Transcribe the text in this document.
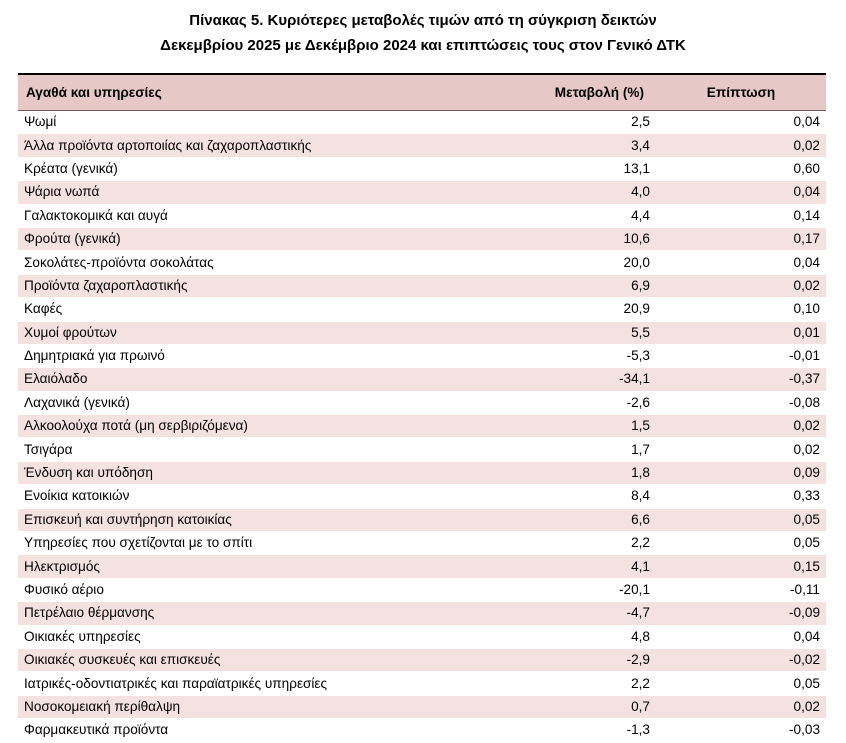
Πίνακας 5. Κυριότερες μεταβολές τιμών από τη σύγκριση δεικτών
Δεκεμβρίου 2025 με Δεκέμβριο 2024 και επιπτώσεις τους στον Γενικό ΔΤΚ
Αγαθά και υπηρεσίες	Μεταβολή (%)	Επίπτωση
Ψωμί	2,5	0,04
Άλλα προϊόντα αρτοποιίας και ζαχαροπλαστικής	3,4	0,02
Κρέατα (γενικά)	13,1	0,60
Ψάρια νωπά	4,0	0,04
Γαλακτοκομικά και αυγά	4,4	0,14
Φρούτα (γενικά)	10,6	0,17
Σοκολάτες-προϊόντα σοκολάτας	20,0	0,04
Προϊόντα ζαχαροπλαστικής	6,9	0,02
Καφές	20,9	0,10
Χυμοί φρούτων	5,5	0,01
Δημητριακά για πρωινό	-5,3	-0,01
Ελαιόλαδο	-34,1	-0,37
Λαχανικά (γενικά)	-2,6	-0,08
Αλκοολούχα ποτά (μη σερβιριζόμενα)	1,5	0,02
Τσιγάρα	1,7	0,02
Ένδυση και υπόδηση	1,8	0,09
Ενοίκια κατοικιών	8,4	0,33
Επισκευή και συντήρηση κατοικίας	6,6	0,05
Υπηρεσίες που σχετίζονται με το σπίτι	2,2	0,05
Ηλεκτρισμός	4,1	0,15
Φυσικό αέριο	-20,1	-0,11
Πετρέλαιο θέρμανσης	-4,7	-0,09
Οικιακές υπηρεσίες	4,8	0,04
Οικιακές συσκευές και επισκευές	-2,9	-0,02
Ιατρικές-οδοντιατρικές και παραϊατρικές υπηρεσίες	2,2	0,05
Νοσοκομειακή περίθαλψη	0,7	0,02
Φαρμακευτικά προϊόντα	-1,3	-0,03
